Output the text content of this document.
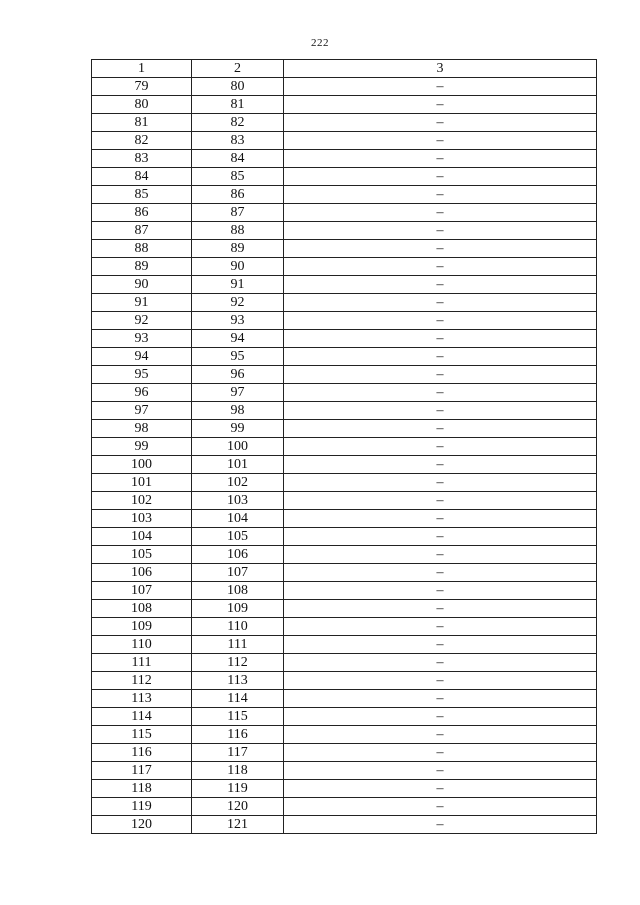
222
1	2	3
79	80	–
80	81	–
81	82	–
82	83	–
83	84	–
84	85	–
85	86	–
86	87	–
87	88	–
88	89	–
89	90	–
90	91	–
91	92	–
92	93	–
93	94	–
94	95	–
95	96	–
96	97	–
97	98	–
98	99	–
99	100	–
100	101	–
101	102	–
102	103	–
103	104	–
104	105	–
105	106	–
106	107	–
107	108	–
108	109	–
109	110	–
110	111	–
111	112	–
112	113	–
113	114	–
114	115	–
115	116	–
116	117	–
117	118	–
118	119	–
119	120	–
120	121	–
